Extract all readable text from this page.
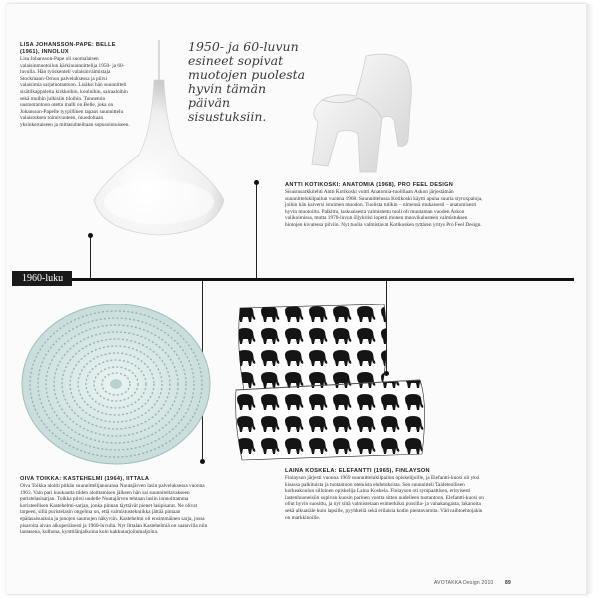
LISA JOHANSSON-PAPE: BELLE (1961), INNOLUX
Lisa Johansson-Pape oli suomalaisen valaisinmuotoilun kärkinuunnittelija 1950- ja 60-luvulla. Hän työskenteli valaisinvalmistaja Stockmann-Ornon palveluksessa ja piirsi valaisimia sarjatuotantoon. Lisäksi hän suunnitteli sisätilkappaleita kirkkoihin, kouluihin, sairaaloihin sekä muihin julkisiin tiloihin. Tunnetuin uustuotantoon otettu malli on Belle, joka on Johansson-Papelle tyypillinen tapaus suunnittelu valaistuksen toimivuuteen, muodoltaan yksinkertaiseen ja mittasuhteiltaan sopusointuiseen.
1950- ja 60-luvun esineet sopivat muotojen puolesta hyvin tämän päivän sisustuksiin.
ANTTI KOTIKOSKI: ANATOMIA (1968), PRO FEEL DESIGN
Sisustusarkkitehti Antti Kotikoski voitti Anatomia-tuolillaan Askon järjestämän suunnittelukilpailun vuonna 1968. Suunnittelussa Kotikoski käytti apuna suuria styroxpaloja, joihin hän kaiversi istuimen muodon. Tuolista tulikin – nimensä mukaisesti – anatomisesti hyvin muotoiltu. Palkittu, laskuaisesta valmistettu tuoli oli muutaman vuoden Askon valikoimissa, mutta 1970-luvun öljykriisi lopetti monen muovikalusteen valmistuksen hintojen kivutessa pilviin. Nyt tuolia valmistavat Kotikosken tyttären yritys Pro Feel Design.
1960-luku
OIVA TOIKKA: KASTEHELMI (1964), IITTALA
Oiva Toikka aloitti pitkän suunnittelijanuransa Nuutajärven lasin palveluksessa vuonna 1963. Vain pari kuukautta tilden aloittamisen jälkeen hän sai suunniteltavakseen puristelasisarjan. Toikka piirsi uudelle Nuutajärven tehtaan lasiin ionnolttamma koristeellisen Kastehelmi-sarjan, jonka pinnan täyttävät pienet lasipisarat. Ne olivat tarpeen, sillä puristelasin ongelma on, että valmistustekniikka jättää pintaan epätasaisuuksia ja jonojen saumojen näkyviin. Kastehelmi oli ensimmäinen sarja, jossa pisaroita aivan alkuperäisesti ja 1960-luvulla. Nyt Iittalan Kastehelmiä on saatavilla niin lautasena, kulhona, kynttilänjalkoina kuin kakkutarjoilumaljoina.
LAINA KOSKELA: ELEFANTTI (1965), FINLAYSON
Finlayson järjesti vuonna 1969 suunnittelukilpailun opiskelijoille, ja Elefantti-kuosi oli yksi kisassa palkituista ja tuotantoon otetuista ehdotuksista. Sen suunnitteli Taideteollisen korkeakoulun silloinen opiskelija Laina Koskela. Finlayson oti sympaattisen, erityisesti lastenhuoneisiin sopivan kuosin parinen vuotta sitten uudelleen tuotantoon. Elefantti-kuosi on ollut hyvin suosittu, ja nyt siitä valmistetaan esimerkiksi pussilla- ja vahakangasta, lakanoita sekä alkuasäle kuin lapsille, pyyhkeitä sekä erilaisia kodin pientavaroita. Värivaihtoehtojakin on markkinoille.
AVOTAKKA Design 2010 89
